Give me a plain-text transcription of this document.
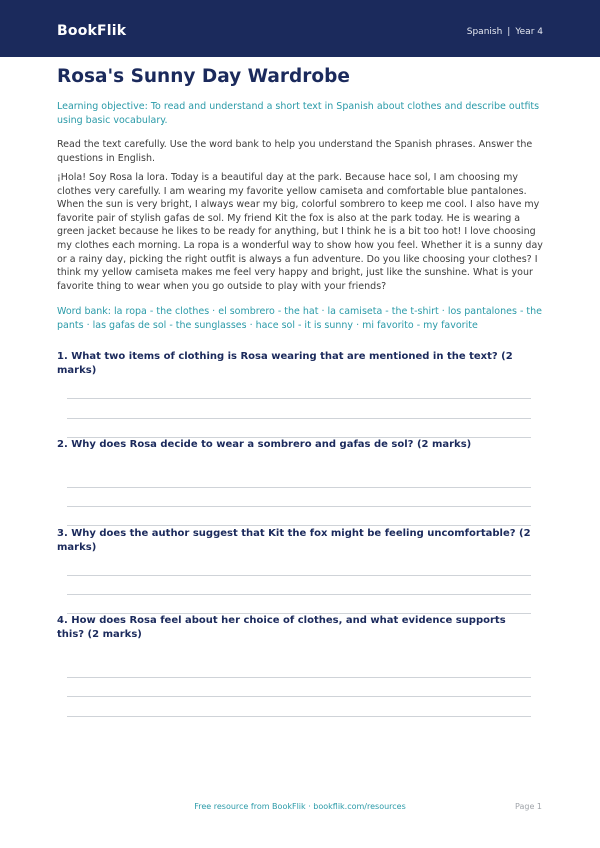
BookFlik	Spanish | Year 4
Rosa's Sunny Day Wardrobe
Learning objective: To read and understand a short text in Spanish about clothes and describe outfits using basic vocabulary.
Read the text carefully. Use the word bank to help you understand the Spanish phrases. Answer the questions in English.
¡Hola! Soy Rosa la lora. Today is a beautiful day at the park. Because hace sol, I am choosing my clothes very carefully. I am wearing my favorite yellow camiseta and comfortable blue pantalones. When the sun is very bright, I always wear my big, colorful sombrero to keep me cool. I also have my favorite pair of stylish gafas de sol. My friend Kit the fox is also at the park today. He is wearing a green jacket because he likes to be ready for anything, but I think he is a bit too hot! I love choosing my clothes each morning. La ropa is a wonderful way to show how you feel. Whether it is a sunny day or a rainy day, picking the right outfit is always a fun adventure. Do you like choosing your clothes? I think my yellow camiseta makes me feel very happy and bright, just like the sunshine. What is your favorite thing to wear when you go outside to play with your friends?
Word bank: la ropa - the clothes · el sombrero - the hat · la camiseta - the t-shirt · los pantalones - the pants · las gafas de sol - the sunglasses · hace sol - it is sunny · mi favorito - my favorite
1. What two items of clothing is Rosa wearing that are mentioned in the text? (2 marks)
2. Why does Rosa decide to wear a sombrero and gafas de sol? (2 marks)
3. Why does the author suggest that Kit the fox might be feeling uncomfortable? (2 marks)
4. How does Rosa feel about her choice of clothes, and what evidence supports this? (2 marks)
Free resource from BookFlik · bookflik.com/resources	Page 1
